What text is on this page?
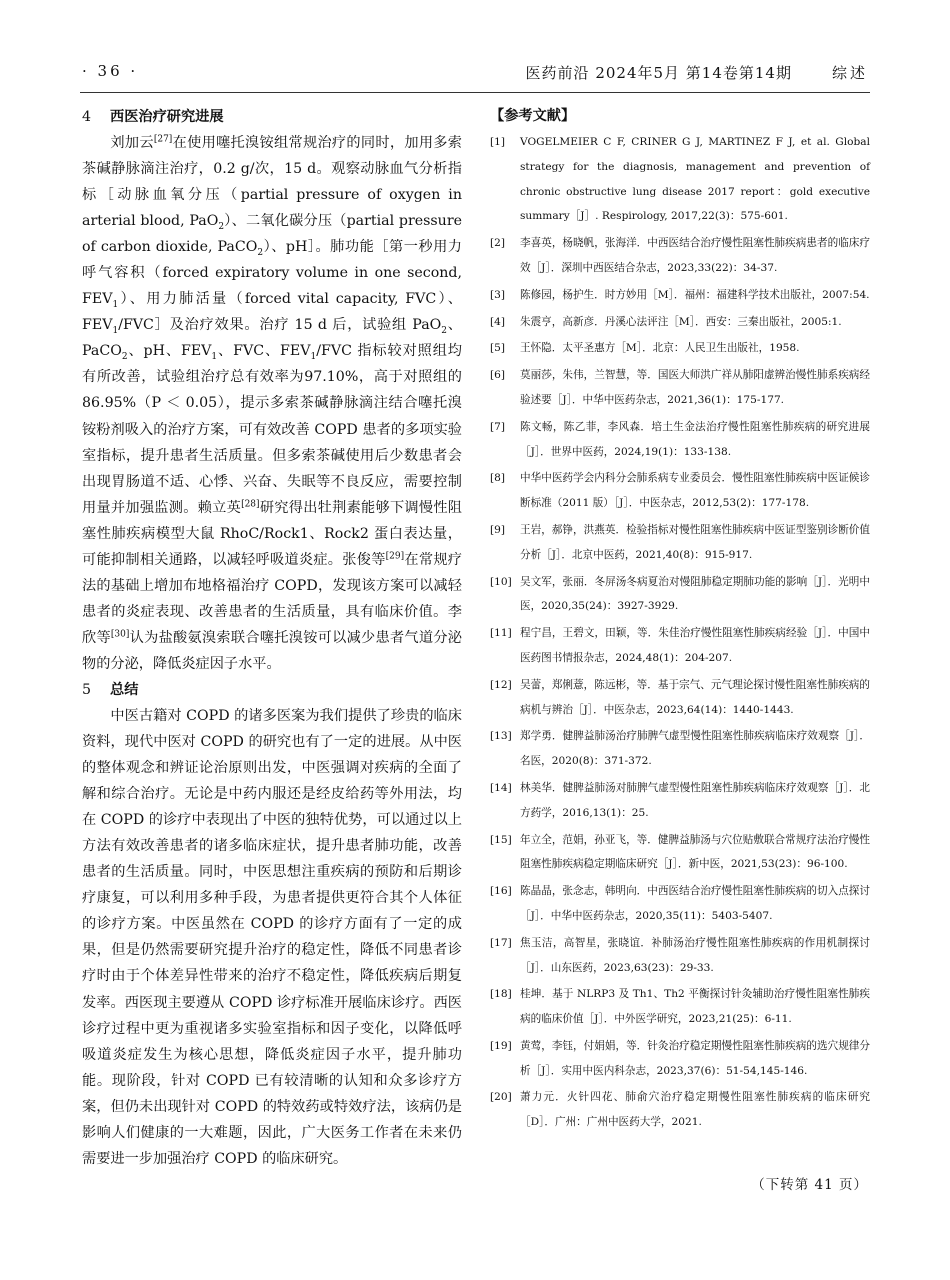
· 36 ·	医药前沿 2024年5月 第14卷第14期	综述
4 西医治疗研究进展

刘加云[27]在使用噻托溴铵组常规治疗的同时，加用多索茶碱静脉滴注治疗，0.2 g/次，15 d。观察动脉血气分析指标［动脉血氧分压（partial pressure of oxygen in arterial blood, PaO$_2$）、二氧化碳分压（partial pressure of carbon dioxide, PaCO$_2$）、pH］。肺功能［第一秒用力呼气容积（forced expiratory volume in one second, $FEV_1$）、用力肺活量（forced vital capacity, FVC）、$FEV_1/FVC]$及治疗效果。治疗 15 d 后，试验组 PaO$_2$、PaCO$_2$、pH、$FEV_1$、FVC、$FEV_1$/FVC 指标较对照组均有所改善，试验组治疗总有效率为97.10%，高于对照组的86.95%（P ＜ 0.05），提示多索茶碱静脉滴注结合噻托溴铵粉剂吸入的治疗方案，可有效改善 COPD 患者的多项实验室指标，提升患者生活质量。但多索茶碱使用后少数患者会出现胃肠道不适、心悸、兴奋、失眠等不良反应，需要控制用量并加强监测。赖立英[28]研究得出牡荆素能够下调慢性阻塞性肺疾病模型大鼠 RhoC/Rock1、Rock2 蛋白表达量，可能抑制相关通路，以减轻呼吸道炎症。张俊等[29]在常规疗法的基础上增加布地格福治疗 COPD，发现该方案可以减轻患者的炎症表现、改善患者的生活质量，具有临床价值。李欣等[30]认为盐酸氨溴索联合噻托溴铵可以减少患者气道分泌物的分泌，降低炎症因子水平。

5 总结

中医古籍对 COPD 的诸多医案为我们提供了珍贵的临床资料，现代中医对 COPD 的研究也有了一定的进展。从中医的整体观念和辨证论治原则出发，中医强调对疾病的全面了解和综合治疗。无论是中药内服还是经皮给药等外用法，均在 COPD 的诊疗中表现出了中医的独特优势，可以通过以上方法有效改善患者的诸多临床症状，提升患者肺功能，改善患者的生活质量。同时，中医思想注重疾病的预防和后期诊疗康复，可以利用多种手段，为患者提供更符合其个人体征的诊疗方案。中医虽然在 COPD 的诊疗方面有了一定的成果，但是仍然需要研究提升治疗的稳定性，降低不同患者诊疗时由于个体差异性带来的治疗不稳定性，降低疾病后期复发率。西医现主要遵从 COPD 诊疗标准开展临床诊疗。西医诊疗过程中更为重视诸多实验室指标和因子变化，以降低呼吸道炎症发生为核心思想，降低炎症因子水平，提升肺功能。现阶段，针对 COPD 已有较清晰的认知和众多诊疗方案，但仍未出现针对 COPD 的特效药或特效疗法，该病仍是影响人们健康的一大难题，因此，广大医务工作者在未来仍需要进一步加强治疗 COPD 的临床研究。

【参考文献】
[1] VOGELMEIER C F, CRINER G J, MARTINEZ F J, et al. Global strategy for the diagnosis, management and prevention of chronic obstructive lung disease 2017 report：gold executive summary［J］. Respirology, 2017,22(3)：575-601.
[2] 李喜英，杨晓帆，张海洋．中西医结合治疗慢性阻塞性肺疾病患者的临床疗效［J］．深圳中西医结合杂志，2023,33(22)：34-37.
[3] 陈修园，杨护生．时方妙用［M］．福州：福建科学技术出版社，2007:54.
[4] 朱震亨，高新彦．丹溪心法评注［M］．西安：三秦出版社，2005:1.
[5] 王怀隐．太平圣惠方［M］．北京：人民卫生出版社，1958.
[6] 莫丽莎，朱伟，兰智慧，等．国医大师洪广祥从肺阳虚辨治慢性肺系疾病经验述要［J］．中华中医药杂志，2021,36(1)：175-177.
[7] 陈文畅，陈乙菲，李风森．培土生金法治疗慢性阻塞性肺疾病的研究进展［J］．世界中医药，2024,19(1)：133-138.
[8] 中华中医药学会内科分会肺系病专业委员会．慢性阻塞性肺疾病中医证候诊断标准（2011 版）［J］．中医杂志，2012,53(2)：177-178.
[9] 王岩，郝铮，洪燕英．检验指标对慢性阻塞性肺疾病中医证型鉴别诊断价值分析［J］．北京中医药，2021,40(8)：915-917.
[10] 吴文军，张丽．冬屏汤冬病夏治对慢阻肺稳定期肺功能的影响［J］．光明中医，2020,35(24)：3927-3929.
[11] 程宁昌，王碧文，田颖，等．朱佳治疗慢性阻塞性肺疾病经验［J］．中国中医药图书情报杂志，2024,48(1)：204-207.
[12] 吴蕾，郑俐薏，陈远彬，等．基于宗气、元气理论探讨慢性阻塞性肺疾病的病机与辨治［J］．中医杂志，2023,64(14)：1440-1443.
[13] 郑学勇．健脾益肺汤治疗肺脾气虚型慢性阻塞性肺疾病临床疗效观察［J］．名医，2020(8)：371-372.
[14] 林美华．健脾益肺汤对肺脾气虚型慢性阻塞性肺疾病临床疗效观察［J］．北方药学，2016,13(1)：25.
[15] 年立全，范娟，孙亚飞，等．健脾益肺汤与穴位贴敷联合常规疗法治疗慢性阻塞性肺疾病稳定期临床研究［J］．新中医，2021,53(23)：96-100.
[16] 陈晶晶，张念志，韩明向．中西医结合治疗慢性阻塞性肺疾病的切入点探讨［J］．中华中医药杂志，2020,35(11)：5403-5407.
[17] 焦玉洁，高智星，张晓谊．补肺汤治疗慢性阻塞性肺疾病的作用机制探讨［J］．山东医药，2023,63(23)：29-33.
[18] 桂坤．基于 NLRP3 及 Th1、Th2 平衡探讨针灸辅助治疗慢性阻塞性肺疾病的临床价值［J］．中外医学研究，2023,21(25)：6-11.
[19] 黄莺，李钰，付娟娟，等．针灸治疗稳定期慢性阻塞性肺疾病的选穴规律分析［J］．实用中医内科杂志，2023,37(6)：51-54,145-146.
[20] 萧力元．火针四花、肺俞穴治疗稳定期慢性阻塞性肺疾病的临床研究［D］．广州：广州中医药大学，2021.
（下转第 41 页）
